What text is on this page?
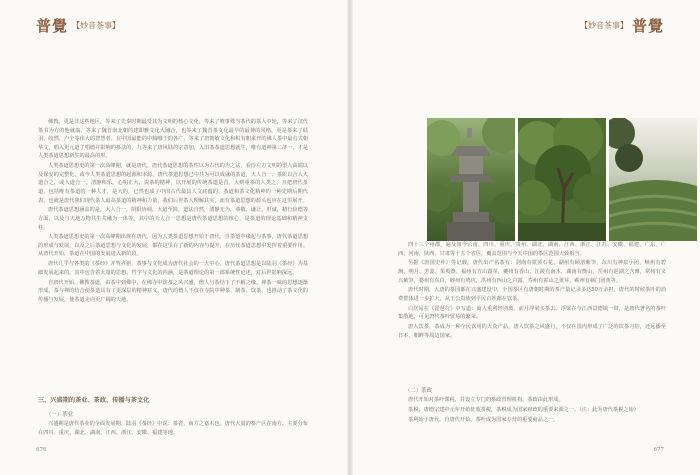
普覺 【妙音茶事】	普覺
【妙音茶事】

佛教，更是非这些地区，等来了先秦时期最受其为文明的核心文化，等来了唯事殊当茶代的茶人中轮，等来了汉代茶书为方的他就翁，等来了魏晋南北朝的建即雅文化大融合，也等来了魏晋茶文化最早的最神的风格，更是茶来了陆羽、皎然、卢全等伟大的智慧者。在中国最能的中腾哪于的各广，等来了唐朝敏文化和积有朝来开的佛人茶中最有式朝华文，唱入更元道了唱德并影响的茶法的，九等来了唐风陆的宗意加，入旧茶茶道思想就生，唯有道神第二济一，才是人类茶道思想新生的最高的形。

人类茶道思想史的第一次高峰期，就是唐代。唐代茶道思想的茶性以为古代的为之法，看待左方文明的型人高端以及保安的完整化，或今人类茶道思想的起源和本源，唐代茶道思想已中共为可以成就的茶道，大人合一、茶阶以合人大道合之，或人道合一。清静和乐，心明正大，说茶的精神，以开展的传统茶道是首，大则重茶的人类之，且把唐代茶道，包括唯有茶道的一种人才，是大的，已然也成了中国古代最具人文底蕴的、茶道和茶文化精神的一种先期后期代表，也就是唐代我们现代茶人最高茶道的精神和力量，我们后世茶人理解其实，而有茶道思想的源头也应在这里展开。

唐代茶道思想涵盖的是，大人合一，阴阳协调，大道至简，道法自然，清静无为，恭敬，谦让，坦诚，精行俭德等方面，以及与天地万物共生共融为一体等。其中的天人合一思想是唐代茶道思想的核心，是茶道的理论基础和精神支柱。

人类茶道思想史的第一次高峰期出现在唐代，因为人类茶道思想开始于唐代。自茶道中缘起与茶事，唐代茶道思想的形成与发展，以及之后茶道思想与文化的发展，都在这里有了新的内容与提升，在历代茶道思想中发挥着重要作用。从唐代开始，茶道在中国的发展进入新阶段。

唐代几乎与各类的《茶经》并驾齐驱，茶事与文化成为唐代社会的一大中心。唐代茶道思想是以陆羽《茶经》为基础发展起来的，其中包含着大量的思想、哲学与文化的内涵，是茶道理论的第一部系统性论述，对后世影响深远。

自唐代开始，佛教茶道，由茶中到佛中，在佛寺中饮茶之风兴盛，僧人与茶结下了不解之缘。禅茶一味的思想逐渐形成，茶与禅的结合使茶道具有了更深层的精神意义。唐代的僧人不仅在寺院中种茶、制茶、饮茶，也推动了茶文化的传播与发展，使茶道走向更广阔的天地。

三、兴盛期的茶业、茶政、传播与茶文化
（一）茶业

兴盛期是唐代茶业的全面发展期。陆羽《茶经》中说：茶者，南方之嘉木也。唐代大量的茶产区在南方，主要分布在四川、重庆、湖北、湖南、江西、浙江、安徽、福建等地。

676

四十三个州郡，遍及如今云南、四川、重庆、贵州、湖北、湖南、江西、浙江、江苏、安徽、福建、广东、广西、河南、陕西、甘肃等十五个省区，覆盖范围与今天中国的茶区范围大致相当。

另据《唐国史补》等记载，唐代出产名茶有：剑南有蒙顶石花，湖州有顾渚紫笋，东川有神泉小团，峡州有碧涧、明月、芳蕊、茱萸簝，福州有方山露芽，夔州有香山，江陵有南木，湖南有衡山，岳州有浥湖之含膏，常州有义兴紫笋，婺州有东白，睦州有鸠坑，洪州有西山之白露，寿州有霍山之黄芽，蕲州有蕲门团黄等。

唐代时期，大唐的茶园都在兴盛建设中，全国茶区有唐朝时期的茶产量记录多达50万余担，唐代的时候茶叶的消费群体进一步扩大，从王公贵族到平民百姓都在饮茶。

白居易在《琵琶行》中写道：商人重利轻别离，前月浮梁买茶去。浮梁在今江西景德镇一带，是唐代著名的茶叶集散地，可见唐代茶叶贸易的繁荣。

唐人饮茶，茶成为一种全民饮用的大众产品，唐人饮茶之风盛行，不仅在国内形成了广泛的饮茶习俗，还远播至日本、朝鲜等周边国家。

（二）茶政

唐代开始对茶叶课税，并设立专门的茶政管理机构，茶政由此形成。

茶税，唐德宗建中元年开始征收茶税，茶税成为国家财政的重要来源之一。（注：此为唐代茶税之始）

茶利始于唐代，自唐代开始，茶叶成为国家专营的重要商品之一。

677
